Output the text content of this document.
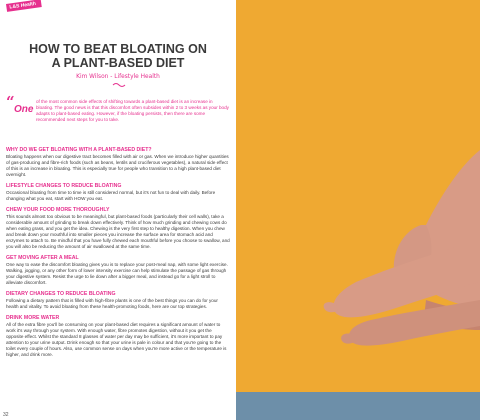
L&S Health
HOW TO BEAT BLOATING ON
A PLANT-BASED DIET
Kim Wilson - Lifestyle Health
“ One
of the most common side effects of shifting towards a plant-based diet is an increase in bloating. The good news is that this discomfort often subsides within 2 to 3 weeks as your body adapts to plant-based eating. However, if the bloating persists, then there are some recommended next steps for you to take.
WHY DO WE GET BLOATING WITH A PLANT-BASED DIET?

Bloating happens when our digestive tract becomes filled with air or gas. When we introduce higher quantities of gas-producing and fibre-rich foods (such as beans, lentils and cruciferous vegetables), a natural side effect of this is an increase in bloating. This is especially true for people who transition to a high plant-based diet overnight.

LIFESTYLE CHANGES TO REDUCE BLOATING

Occasional bloating from time to time is still considered normal, but it's not fun to deal with daily. Before changing what you eat, start with HOW you eat.

CHEW YOUR FOOD MORE THOROUGHLY

This sounds almost too obvious to be meaningful, but plant-based foods (particularly their cell walls), take a considerable amount of grinding to break down effectively. Think of how much grinding and chewing cows do when eating grass, and you get the idea. Chewing is the very first step to healthy digestion. When you chew and break down your mouthful into smaller pieces you increase the surface area for stomach acid and enzymes to attach to. Be mindful that you have fully chewed each mouthful before you choose to swallow, and you will also be reducing the amount of air swallowed at the same time.

GET MOVING AFTER A MEAL

One way to ease the discomfort bloating gives you is to replace your post-meal nap, with some light exercise. Walking, jogging, or any other form of lower intensity exercise can help stimulate the passage of gas through your digestive system. Resist the urge to lie down after a bigger meal, and instead go for a light stroll to alleviate discomfort.

DIETARY CHANGES TO REDUCE BLOATING

Following a dietary pattern that is filled with high-fibre plants is one of the best things you can do for your health and vitality. To avoid bloating from these health-promoting foods, here are our top strategies.

DRINK MORE WATER

All of the extra fibre you'll be consuming on your plant-based diet requires a significant amount of water to work it's way through your system. With enough water, fibre promotes digestion, without it you get the opposite effect. Whilst the standard 8 glasses of water per day may be sufficient, it's more important to pay attention to your urine output. Drink enough so that your urine is pale in colour and that you're going to the toilet every couple of hours. Also, use common sense on days when you're more active or the temperature is higher, and drink more.

32
